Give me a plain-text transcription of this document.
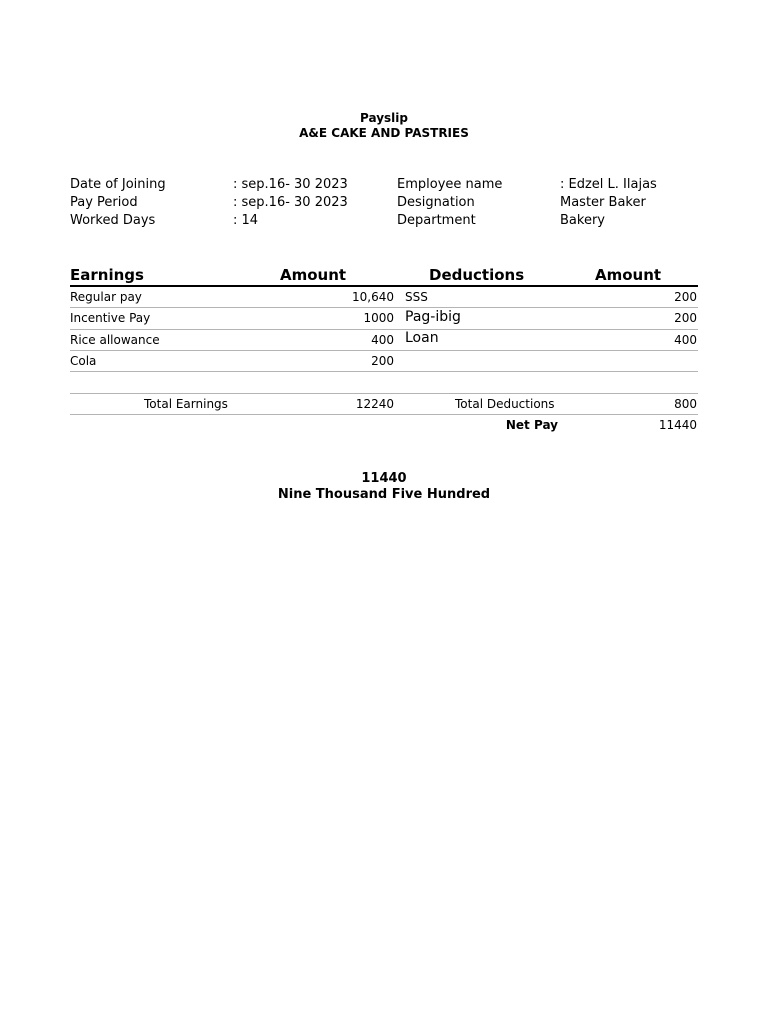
Payslip
A&E CAKE AND PASTRIES
Date of Joining	: sep.16- 30 2023
Pay Period	: sep.16- 30 2023
Worked Days	: 14
Employee name	: Edzel L. Ilajas
Designation	Master Baker
Department	Bakery
Earnings	Amount	Deductions	Amount
Regular pay	10,640 SSS	200
Incentive Pay	1000 Pag-ibig	200
Rice allowance	400 Loan	400
Cola	200
Total Earnings	12240	Total Deductions	800
Net Pay	11440
11440
Nine Thousand Five Hundred
